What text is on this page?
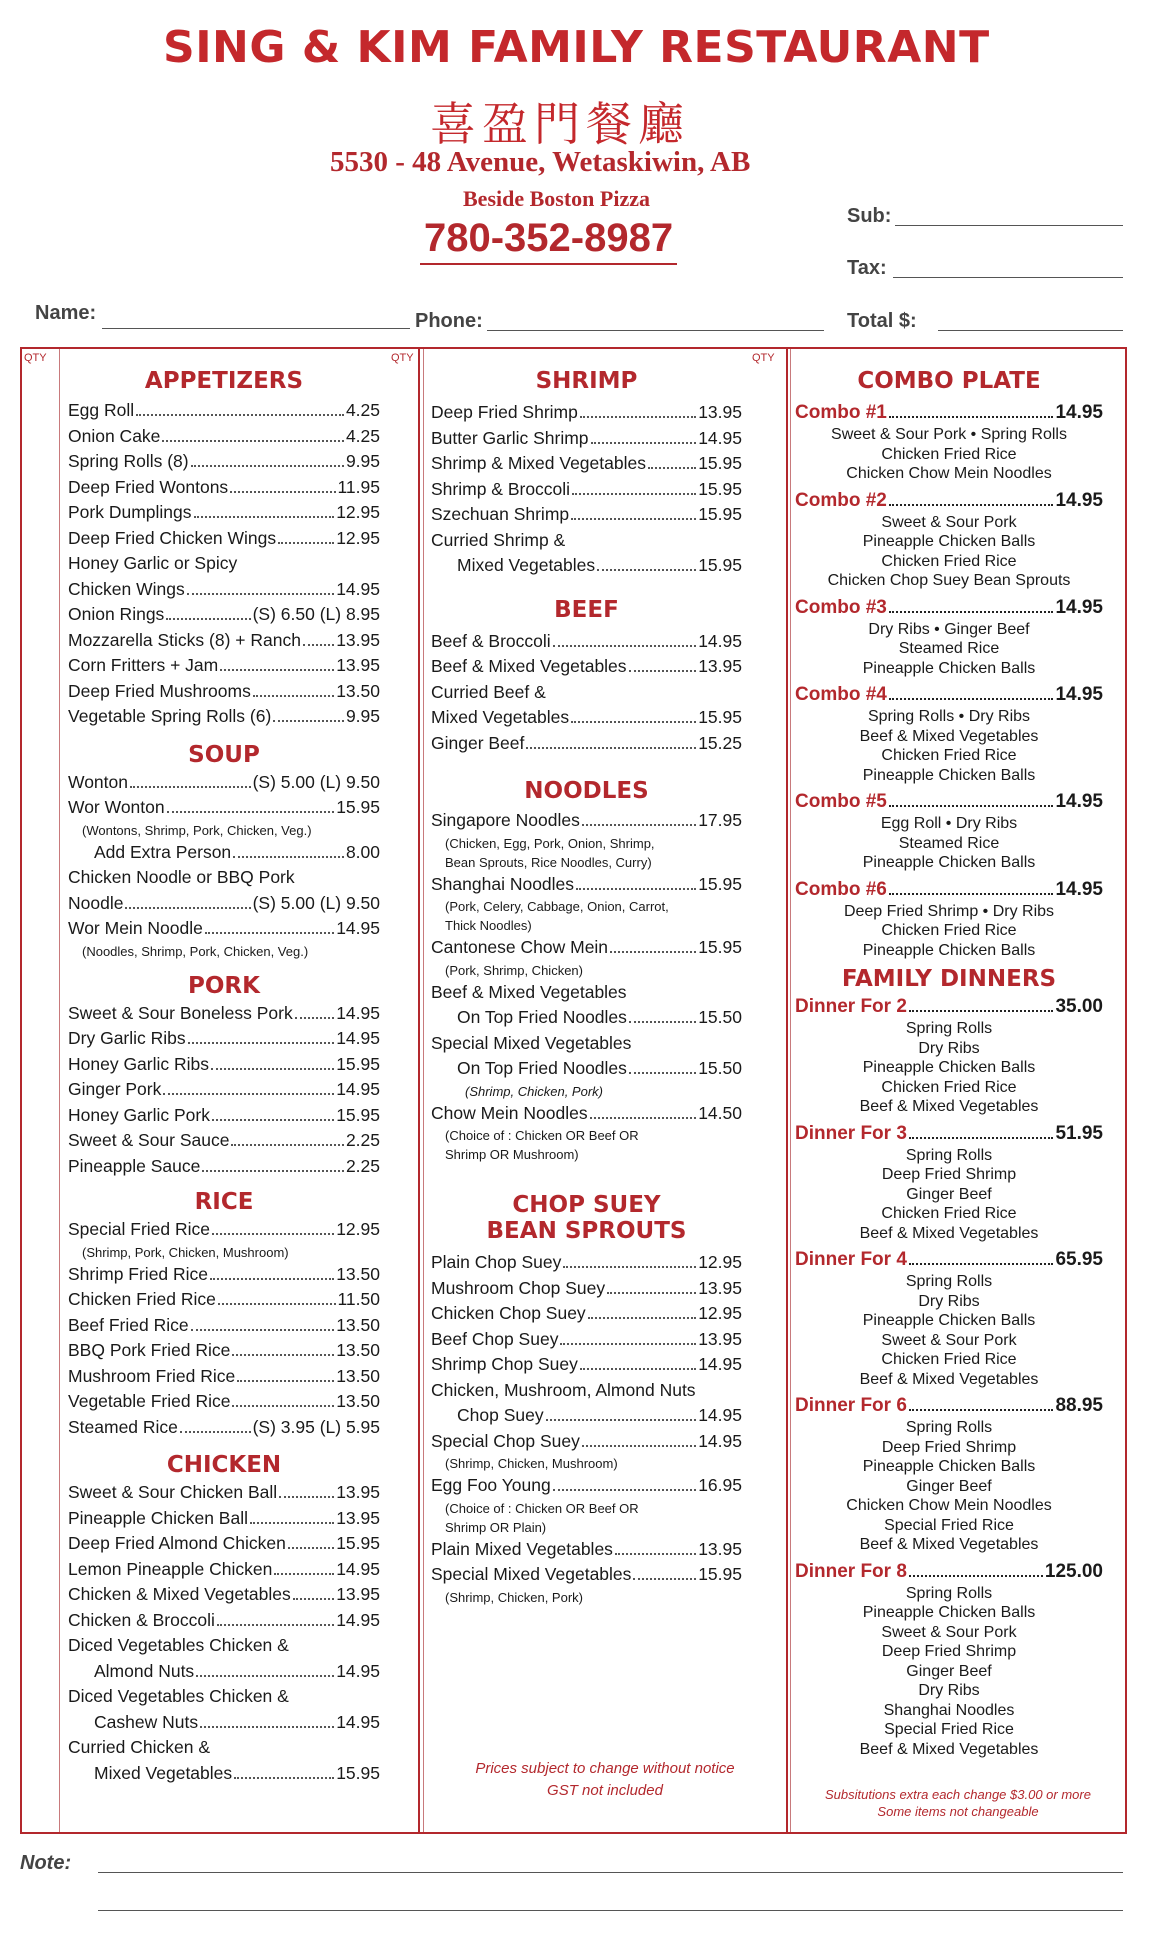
SING & KIM FAMILY RESTAURANT
喜盈門餐廳
5530 - 48 Avenue, Wetaskiwin, AB
Beside Boston Pizza
780-352-8987	Sub:
Tax:
Name:	Phone:	Total $:
QTY	QTY	QTY
APPETIZERS
Egg Roll	4.25
Onion Cake	4.25
Spring Rolls (8)	9.95
Deep Fried Wontons	11.95
Pork Dumplings	12.95
Deep Fried Chicken Wings	12.95
Honey Garlic or Spicy
Chicken Wings	14.95
Onion Rings	(S) 6.50 (L) 8.95
Mozzarella Sticks (8) + Ranch 13.95
Corn Fritters + Jam	13.95
Deep Fried Mushrooms	13.50
Vegetable Spring Rolls (6)	9.95
SOUP
Wonton	(S) 5.00 (L) 9.50
Wor Wonton	15.95
(Wontons, Shrimp, Pork, Chicken, Veg.)
Add Extra Person	8.00
Chicken Noodle or BBQ Pork
Noodle	(S) 5.00 (L) 9.50
Wor Mein Noodle	14.95
(Noodles, Shrimp, Pork, Chicken, Veg.)
PORK
Sweet & Sour Boneless Pork 14.95
Dry Garlic Ribs	14.95
Honey Garlic Ribs	15.95
Ginger Pork	14.95
Honey Garlic Pork	15.95
Sweet & Sour Sauce	2.25
Pineapple Sauce	2.25
RICE
Special Fried Rice	12.95
(Shrimp, Pork, Chicken, Mushroom)
Shrimp Fried Rice	13.50
Chicken Fried Rice	11.50
Beef Fried Rice	13.50
BBQ Pork Fried Rice	13.50
Mushroom Fried Rice	13.50
Vegetable Fried Rice	13.50
Steamed Rice	(S) 3.95 (L) 5.95
CHICKEN
Sweet & Sour Chicken Ball	13.95
Pineapple Chicken Ball	13.95
Deep Fried Almond Chicken	15.95
Lemon Pineapple Chicken	14.95
Chicken & Mixed Vegetables	13.95
Chicken & Broccoli	14.95
Diced Vegetables Chicken &
Almond Nuts	14.95
Diced Vegetables Chicken &
Cashew Nuts	14.95
Curried Chicken &
Mixed Vegetables	15.95
SHRIMP
Deep Fried Shrimp	13.95
Butter Garlic Shrimp	14.95
Shrimp & Mixed Vegetables	15.95
Shrimp & Broccoli	15.95
Szechuan Shrimp	15.95
Curried Shrimp &
Mixed Vegetables	15.95
BEEF
Beef & Broccoli	14.95
Beef & Mixed Vegetables	13.95
Curried Beef &
Mixed Vegetables	15.95
Ginger Beef	15.25
NOODLES
Singapore Noodles	17.95
(Chicken, Egg, Pork, Onion, Shrimp,
Bean Sprouts, Rice Noodles, Curry)
Shanghai Noodles	15.95
(Pork, Celery, Cabbage, Onion, Carrot,
Thick Noodles)
Cantonese Chow Mein	15.95
(Pork, Shrimp, Chicken)
Beef & Mixed Vegetables
On Top Fried Noodles	15.50
Special Mixed Vegetables
On Top Fried Noodles	15.50
(Shrimp, Chicken, Pork)
Chow Mein Noodles	14.50
(Choice of : Chicken OR Beef OR
Shrimp OR Mushroom)
CHOP SUEY
BEAN SPROUTS
Plain Chop Suey	12.95
Mushroom Chop Suey	13.95
Chicken Chop Suey	12.95
Beef Chop Suey	13.95
Shrimp Chop Suey	14.95
Chicken, Mushroom, Almond Nuts
Chop Suey	14.95
Special Chop Suey	14.95
(Shrimp, Chicken, Mushroom)
Egg Foo Young	16.95
(Choice of : Chicken OR Beef OR
Shrimp OR Plain)
Plain Mixed Vegetables	13.95
Special Mixed Vegetables	15.95
(Shrimp, Chicken, Pork)
Prices subject to change without notice
GST not included
COMBO PLATE
Combo #1	14.95
Sweet & Sour Pork • Spring Rolls
Chicken Fried Rice
Chicken Chow Mein Noodles
Combo #2	14.95
Sweet & Sour Pork
Pineapple Chicken Balls
Chicken Fried Rice
Chicken Chop Suey Bean Sprouts
Combo #3	14.95
Dry Ribs • Ginger Beef
Steamed Rice
Pineapple Chicken Balls
Combo #4	14.95
Spring Rolls • Dry Ribs
Beef & Mixed Vegetables
Chicken Fried Rice
Pineapple Chicken Balls
Combo #5	14.95
Egg Roll • Dry Ribs
Steamed Rice
Pineapple Chicken Balls
Combo #6	14.95
Deep Fried Shrimp • Dry Ribs
Chicken Fried Rice
Pineapple Chicken Balls
FAMILY DINNERS
Dinner For 2	35.00
Spring Rolls
Dry Ribs
Pineapple Chicken Balls
Chicken Fried Rice
Beef & Mixed Vegetables
Dinner For 3	51.95
Spring Rolls
Deep Fried Shrimp
Ginger Beef
Chicken Fried Rice
Beef & Mixed Vegetables
Dinner For 4	65.95
Spring Rolls
Dry Ribs
Pineapple Chicken Balls
Sweet & Sour Pork
Chicken Fried Rice
Beef & Mixed Vegetables
Dinner For 6	88.95
Spring Rolls
Deep Fried Shrimp
Pineapple Chicken Balls
Ginger Beef
Chicken Chow Mein Noodles
Special Fried Rice
Beef & Mixed Vegetables
Dinner For 8	125.00
Spring Rolls
Pineapple Chicken Balls
Sweet & Sour Pork
Deep Fried Shrimp
Ginger Beef
Dry Ribs
Shanghai Noodles
Special Fried Rice
Beef & Mixed Vegetables
Subsitutions extra each change $3.00 or more
Some items not changeable
Note:
